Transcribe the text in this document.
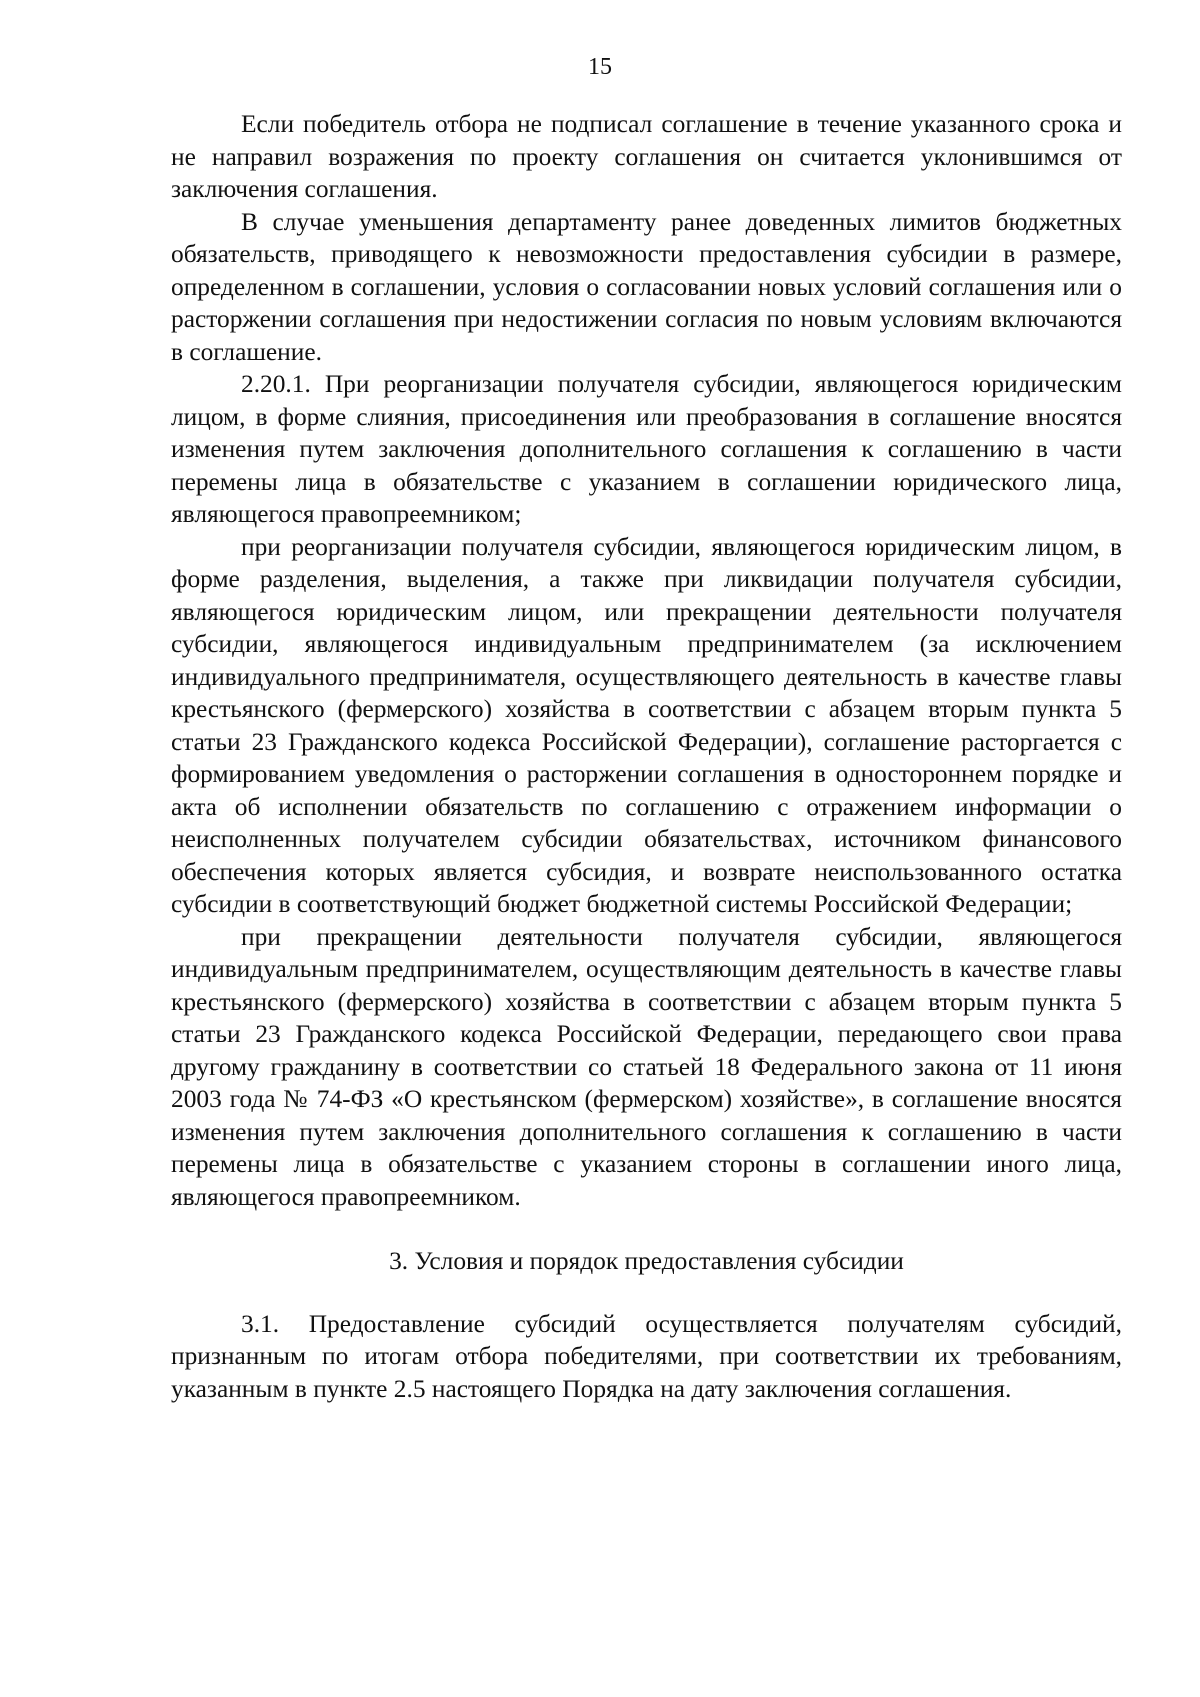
15

Если победитель отбора не подписал соглашение в течение указанного срока и не направил возражения по проекту соглашения он считается уклонившимся от заключения соглашения.

В случае уменьшения департаменту ранее доведенных лимитов бюджетных обязательств, приводящего к невозможности предоставления субсидии в размере, определенном в соглашении, условия о согласовании новых условий соглашения или о расторжении соглашения при недостижении согласия по новым условиям включаются в соглашение.

2.20.1. При реорганизации получателя субсидии, являющегося юридическим лицом, в форме слияния, присоединения или преобразования в соглашение вносятся изменения путем заключения дополнительного соглашения к соглашению в части перемены лица в обязательстве с указанием в соглашении юридического лица, являющегося правопреемником;

при реорганизации получателя субсидии, являющегося юридическим лицом, в форме разделения, выделения, а также при ликвидации получателя субсидии, являющегося юридическим лицом, или прекращении деятельности получателя субсидии, являющегося индивидуальным предпринимателем (за исключением индивидуального предпринимателя, осуществляющего деятельность в качестве главы крестьянского (фермерского) хозяйства в соответствии с абзацем вторым пункта 5 статьи 23 Гражданского кодекса Российской Федерации), соглашение расторгается с формированием уведомления о расторжении соглашения в одностороннем порядке и акта об исполнении обязательств по соглашению с отражением информации о неисполненных получателем субсидии обязательствах, источником финансового обеспечения которых является субсидия, и возврате неиспользованного остатка субсидии в соответствующий бюджет бюджетной системы Российской Федерации;

при прекращении деятельности получателя субсидии, являющегося индивидуальным предпринимателем, осуществляющим деятельность в качестве главы крестьянского (фермерского) хозяйства в соответствии с абзацем вторым пункта 5 статьи 23 Гражданского кодекса Российской Федерации, передающего свои права другому гражданину в соответствии со статьей 18 Федерального закона от 11 июня 2003 года № 74-ФЗ «О крестьянском (фермерском) хозяйстве», в соглашение вносятся изменения путем заключения дополнительного соглашения к соглашению в части перемены лица в обязательстве с указанием стороны в соглашении иного лица, являющегося правопреемником.

3. Условия и порядок предоставления субсидии

3.1. Предоставление субсидий осуществляется получателям субсидий, признанным по итогам отбора победителями, при соответствии их требованиям, указанным в пункте 2.5 настоящего Порядка на дату заключения соглашения.
